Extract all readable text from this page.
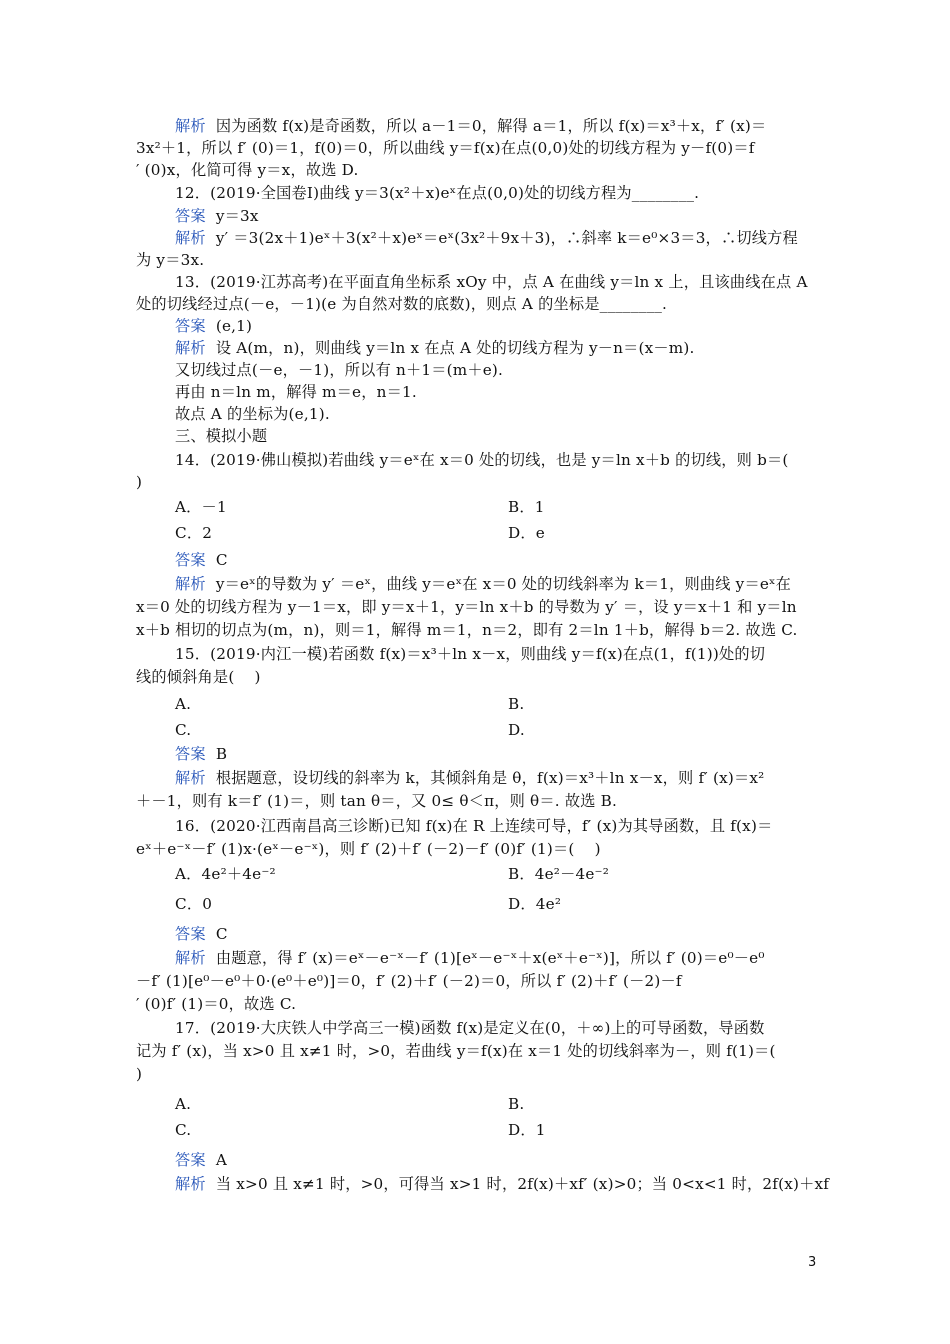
3
解析  因为函数 f(x)是奇函数，所以 a－1＝0，解得 a＝1，所以 f(x)＝x³＋x，f′ (x)＝
3x²＋1，所以 f′ (0)＝1，f(0)＝0，所以曲线 y＝f(x)在点(0,0)处的切线方程为 y－f(0)＝f
′ (0)x，化简可得 y＝x，故选 D.
12．(2019·全国卷Ⅰ)曲线 y＝3(x²＋x)eˣ在点(0,0)处的切线方程为________.
答案  y＝3x
解析  y′ ＝3(2x＋1)eˣ＋3(x²＋x)eˣ＝eˣ(3x²＋9x＋3)，∴斜率 k＝e⁰×3＝3，∴切线方程
为 y＝3x.
13．(2019·江苏高考)在平面直角坐标系 xOy 中，点 A 在曲线 y＝ln x 上，且该曲线在点 A
处的切线经过点(－e，－1)(e 为自然对数的底数)，则点 A 的坐标是________.
答案  (e,1)
解析  设 A(m，n)，则曲线 y＝ln x 在点 A 处的切线方程为 y－n＝(x－m).
又切线过点(－e，－1)，所以有 n＋1＝(m＋e).
再由 n＝ln m，解得 m＝e，n＝1.
故点 A 的坐标为(e,1).
三、模拟小题
14．(2019·佛山模拟)若曲线 y＝eˣ在 x＝0 处的切线，也是 y＝ln x＋b 的切线，则 b＝(
)
答案  C
解析  y＝eˣ的导数为 y′ ＝eˣ，曲线 y＝eˣ在 x＝0 处的切线斜率为 k＝1，则曲线 y＝eˣ在
x＝0 处的切线方程为 y－1＝x，即 y＝x＋1，y＝ln x＋b 的导数为 y′ ＝，设 y＝x＋1 和 y＝ln
x＋b 相切的切点为(m，n)，则＝1，解得 m＝1，n＝2，即有 2＝ln 1＋b，解得 b＝2. 故选 C.
15．(2019·内江一模)若函数 f(x)＝x³＋ln x－x，则曲线 y＝f(x)在点(1，f(1))处的切
线的倾斜角是(    )
答案  B
解析  根据题意，设切线的斜率为 k，其倾斜角是 θ，f(x)＝x³＋ln x－x，则 f′ (x)＝x²
＋－1，则有 k＝f′ (1)＝，则 tan θ＝，又 0≤ θ＜π，则 θ＝. 故选 B.
16．(2020·江西南昌高三诊断)已知 f(x)在 R 上连续可导，f′ (x)为其导函数，且 f(x)＝
eˣ＋e⁻ˣ－f′ (1)x·(eˣ－e⁻ˣ)，则 f′ (2)＋f′ (－2)－f′ (0)f′ (1)＝(    )
答案  C
解析  由题意，得 f′ (x)＝eˣ－e⁻ˣ－f′ (1)[eˣ－e⁻ˣ＋x(eˣ＋e⁻ˣ)]，所以 f′ (0)＝e⁰－e⁰
－f′ (1)[e⁰－e⁰＋0·(e⁰＋e⁰)]＝0，f′ (2)＋f′ (－2)＝0，所以 f′ (2)＋f′ (－2)－f
′ (0)f′ (1)＝0，故选 C.
17．(2019·大庆铁人中学高三一模)函数 f(x)是定义在(0，＋∞)上的可导函数，导函数
记为 f′ (x)，当 x>0 且 x≠1 时，>0，若曲线 y＝f(x)在 x＝1 处的切线斜率为－，则 f(1)＝(
)
答案  A
解析  当 x>0 且 x≠1 时，>0，可得当 x>1 时，2f(x)＋xf′ (x)>0；当 0<x<1 时，2f(x)＋xf
A．－1	B．1
C．2	D．e
A.	B.
C.	D.
A．4e²＋4e⁻²	B．4e²－4e⁻²
C．0	D．4e²
A.	B.
C.	D．1
